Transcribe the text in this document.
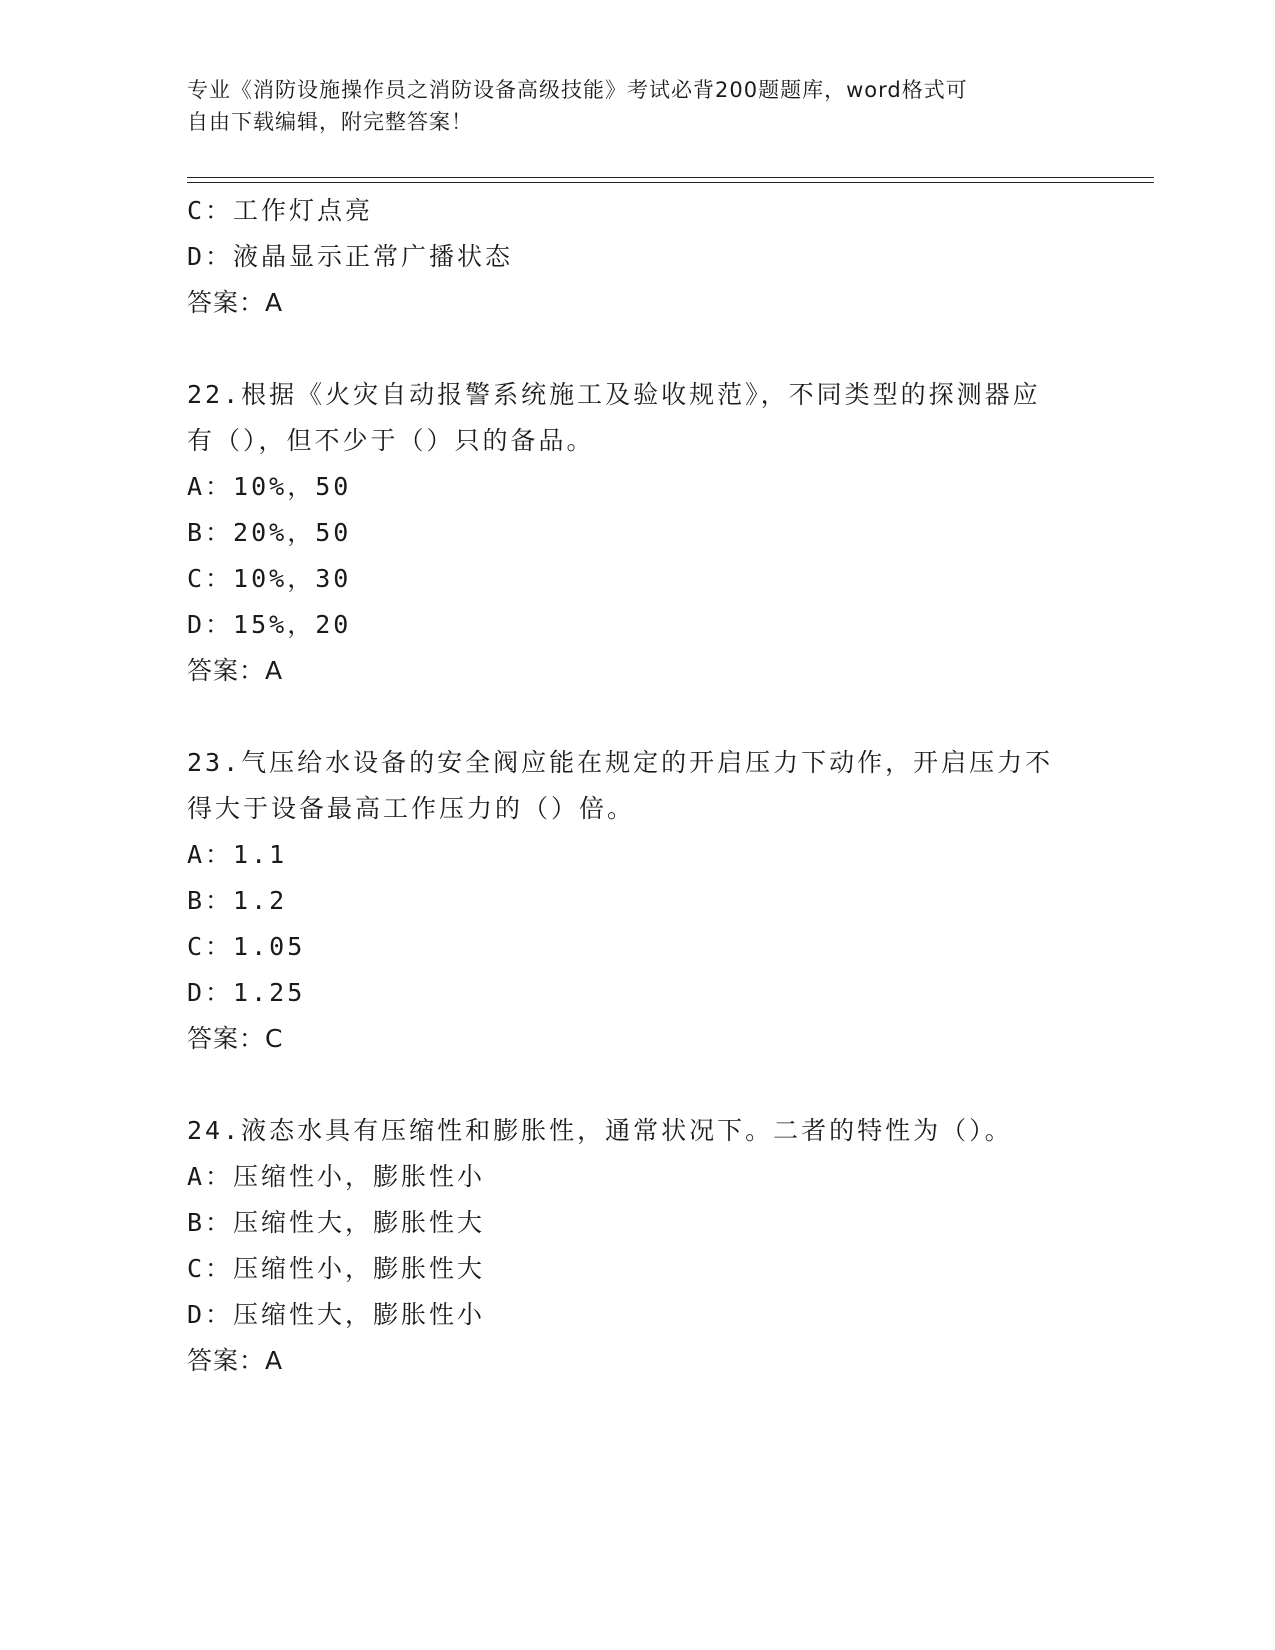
专业《消防设施操作员之消防设备高级技能》考试必背200题题库，word格式可
自由下载编辑，附完整答案！
C：工作灯点亮
D：液晶显示正常广播状态
答案：A
22.根据《火灾自动报警系统施工及验收规范》，不同类型的探测器应
有（），但不少于（）只的备品。
A：10%，50
B：20%，50
C：10%，30
D：15%，20
答案：A
23.气压给水设备的安全阀应能在规定的开启压力下动作，开启压力不
得大于设备最高工作压力的（）倍。
A：1.1
B：1.2
C：1.05
D：1.25
答案：C
24.液态水具有压缩性和膨胀性，通常状况下。二者的特性为（）。
A：压缩性小，膨胀性小
B：压缩性大，膨胀性大
C：压缩性小，膨胀性大
D：压缩性大，膨胀性小
答案：A
